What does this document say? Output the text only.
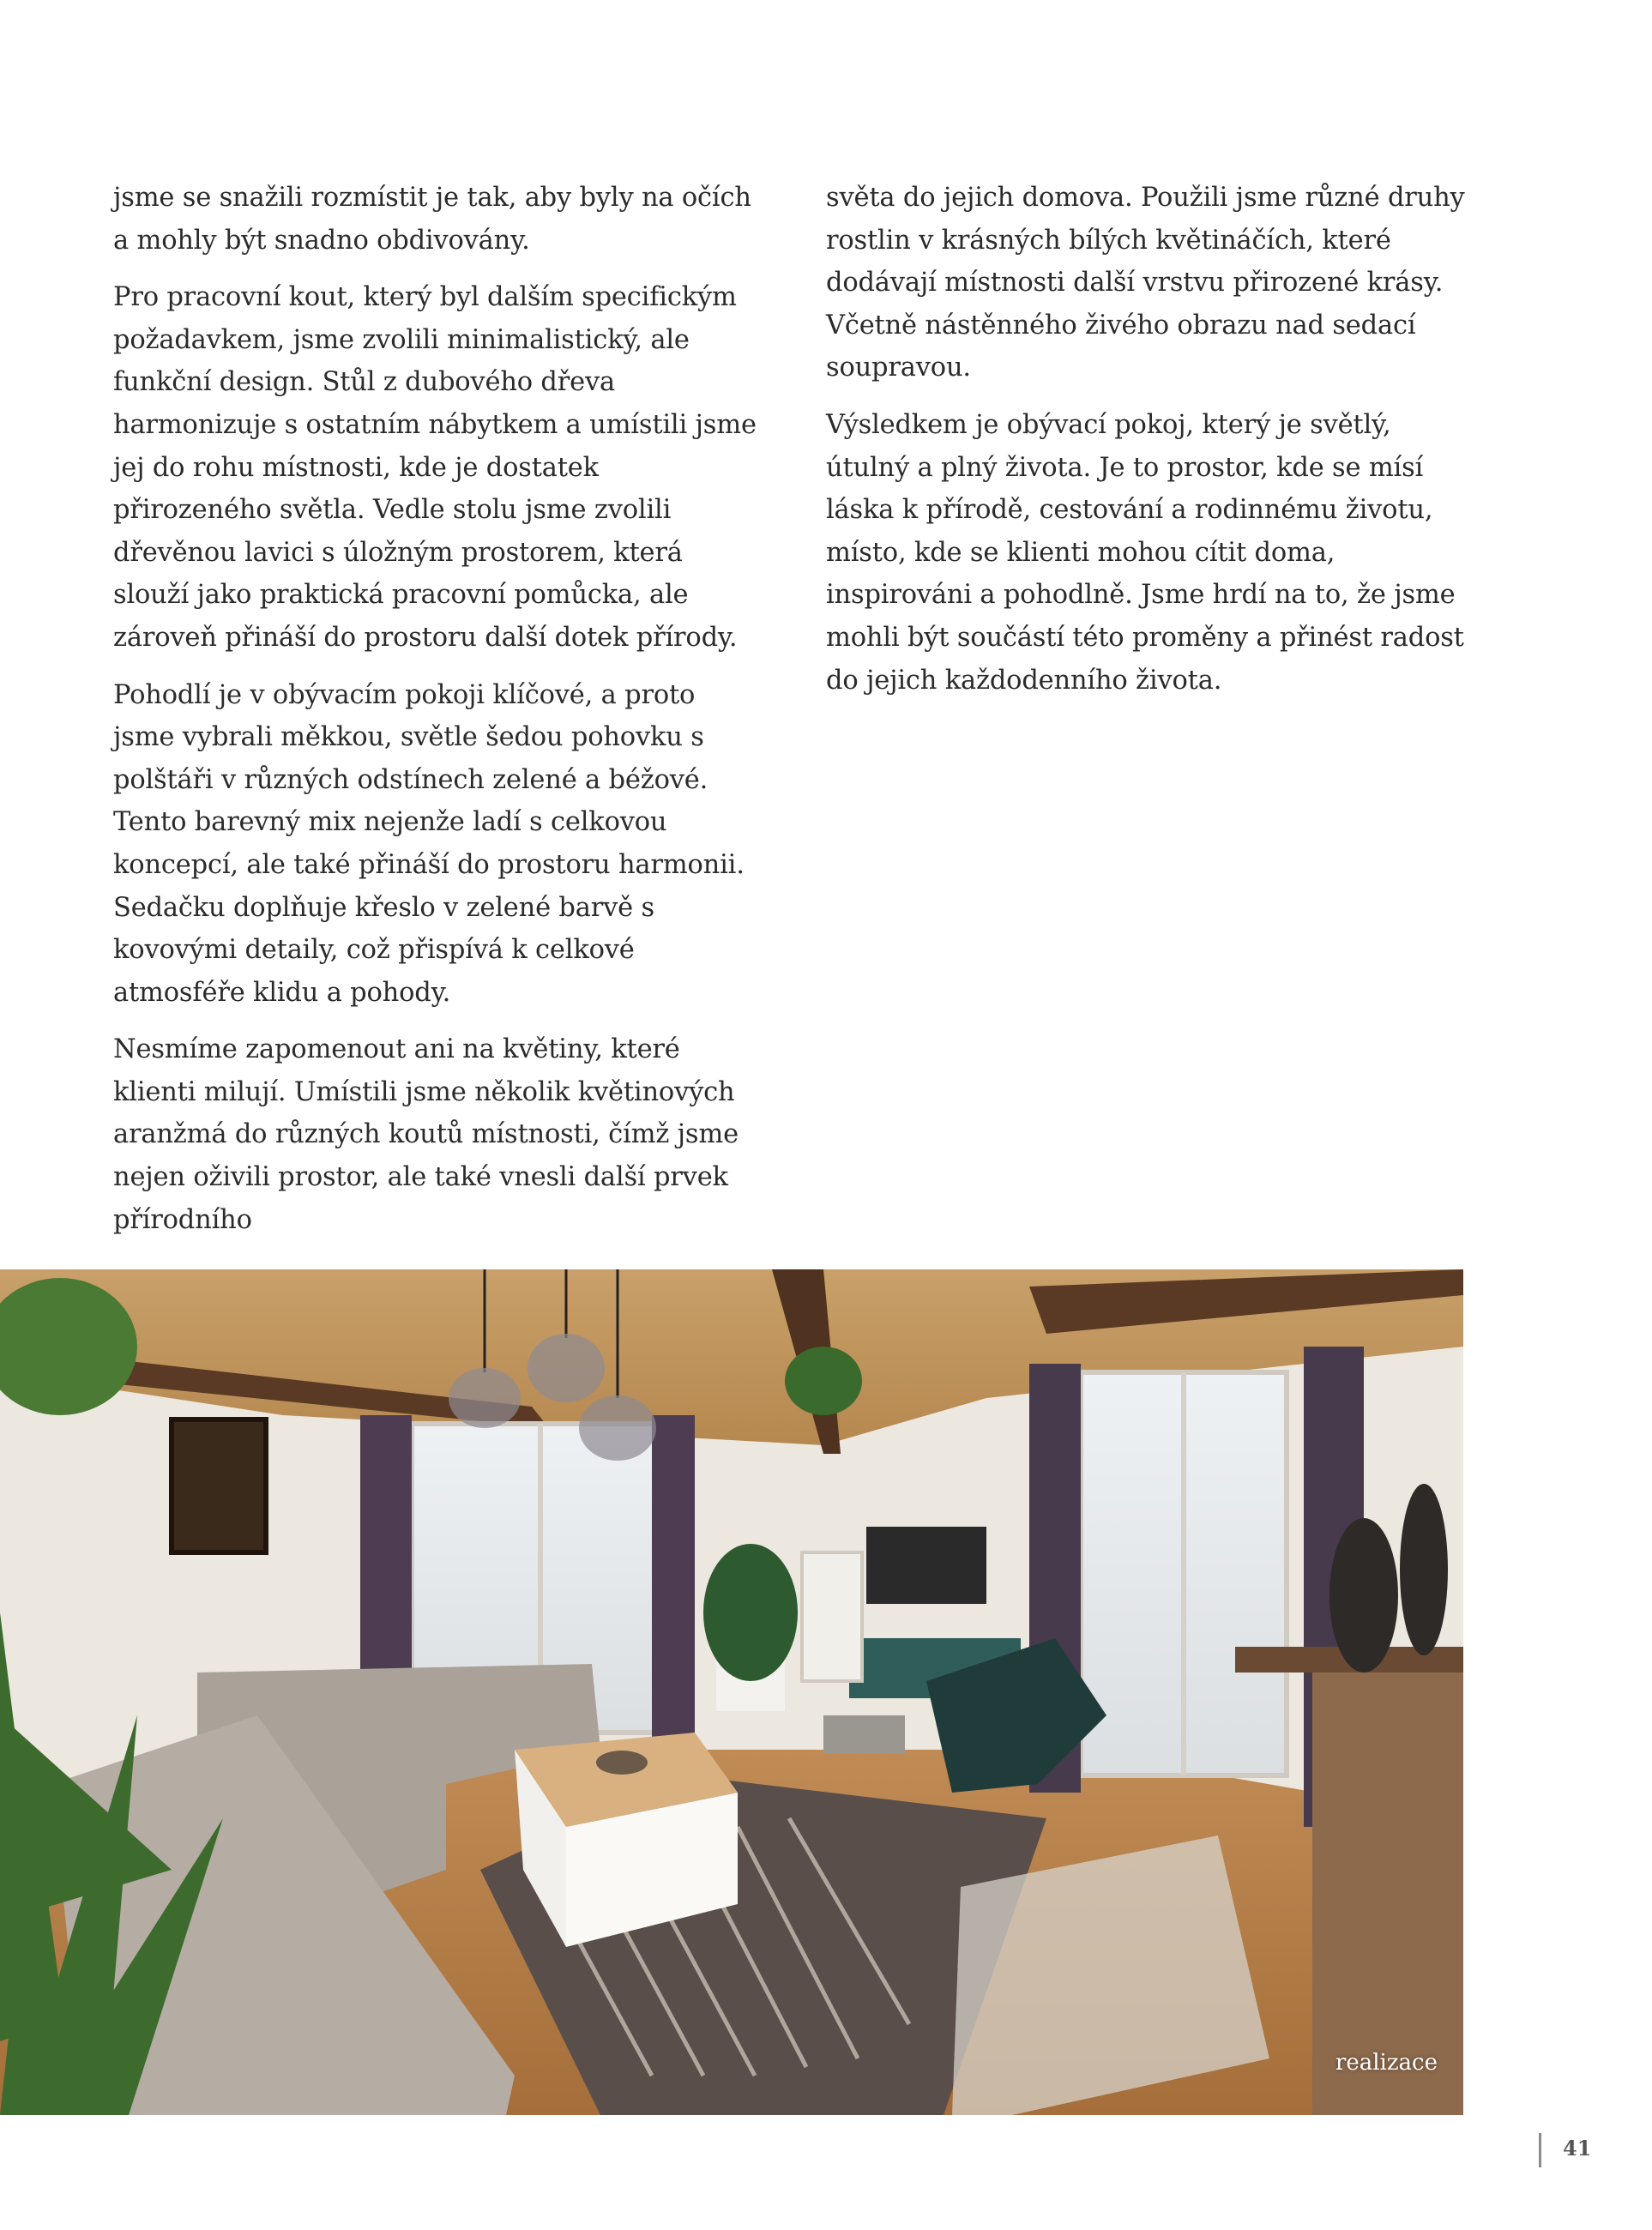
jsme se snažili rozmístit je tak, aby byly na očích a mohly být snadno obdivovány.

Pro pracovní kout, který byl dalším specifickým požadavkem, jsme zvolili minimalistický, ale funkční design. Stůl z dubového dřeva harmonizuje s ostatním nábytkem a umístili jsme jej do rohu místnosti, kde je dostatek přirozeného světla. Vedle stolu jsme zvolili dřevěnou lavici s úložným prostorem, která slouží jako praktická pracovní pomůcka, ale zároveň přináší do prostoru další dotek přírody.

Pohodlí je v obývacím pokoji klíčové, a proto jsme vybrali měkkou, světle šedou pohovku s polštáři v různých odstínech zelené a béžové. Tento barevný mix nejenže ladí s celkovou koncepcí, ale také přináší do prostoru harmonii. Sedačku doplňuje křeslo v zelené barvě s kovovými detaily, což přispívá k celkové atmosféře klidu a pohody.

Nesmíme zapomenout ani na květiny, které klienti milují. Umístili jsme několik květinových aranžmá do různých koutů místnosti, čímž jsme nejen oživili prostor, ale také vnesli další prvek přírodního

světa do jejich domova. Použili jsme různé druhy rostlin v krásných bílých květináčích, které dodávají místnosti další vrstvu přirozené krásy. Včetně nástěnného živého obrazu nad sedací soupravou.

Výsledkem je obývací pokoj, který je světlý, útulný a plný života. Je to prostor, kde se mísí láska k přírodě, cestování a rodinnému životu, místo, kde se klienti mohou cítit doma, inspirováni a pohodlně. Jsme hrdí na to, že jsme mohli být součástí této proměny a přinést radost do jejich každodenního života.

realizace
41
